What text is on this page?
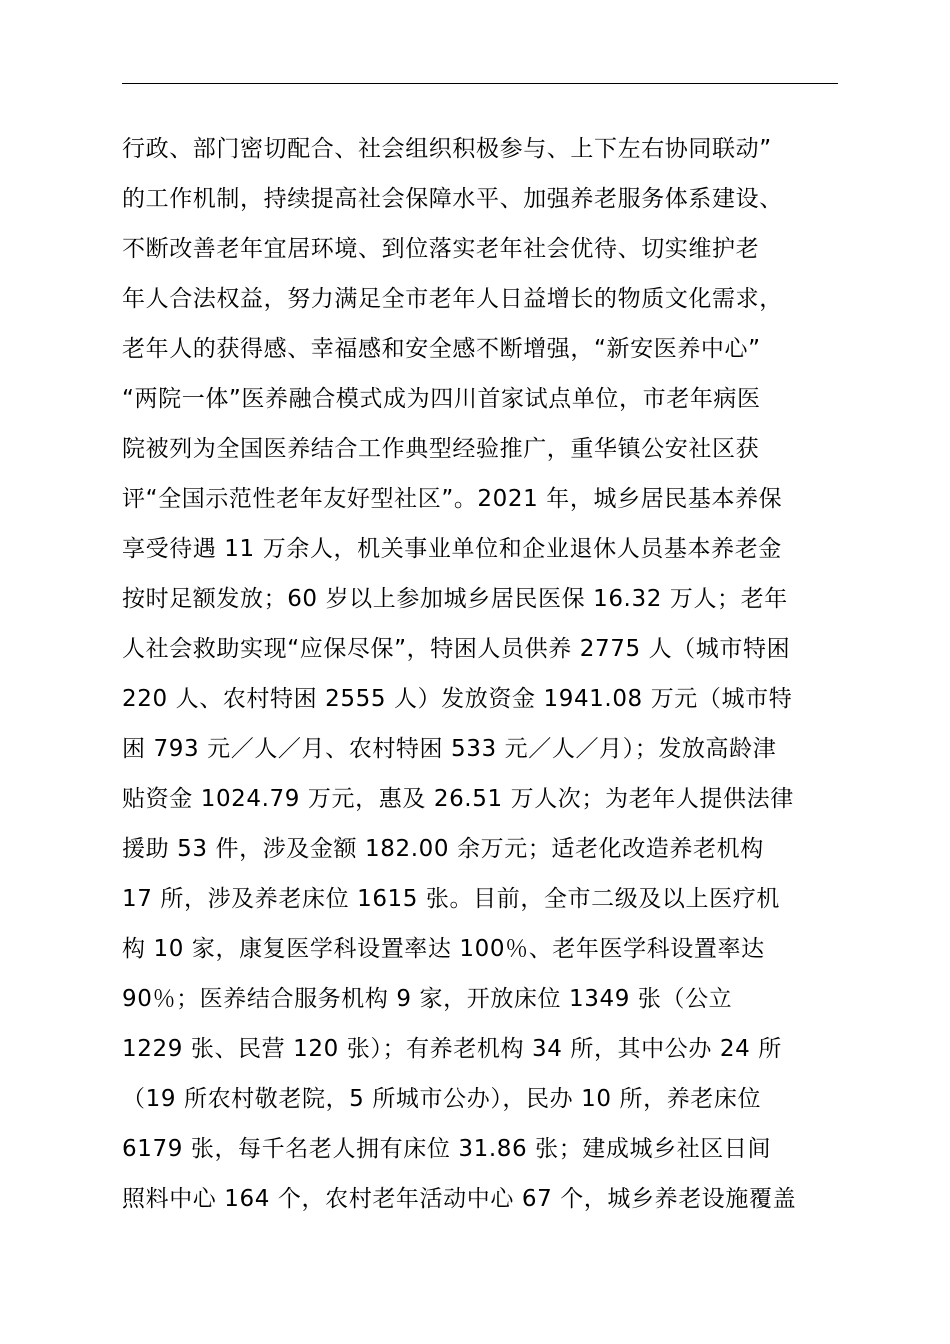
行政、部门密切配合、社会组织积极参与、上下左右协同联动”
的工作机制，持续提高社会保障水平、加强养老服务体系建设、
不断改善老年宜居环境、到位落实老年社会优待、切实维护老
年人合法权益，努力满足全市老年人日益增长的物质文化需求，
老年人的获得感、幸福感和安全感不断增强，“新安医养中心”
“两院一体”医养融合模式成为四川首家试点单位，市老年病医
院被列为全国医养结合工作典型经验推广，重华镇公安社区获
评“全国示范性老年友好型社区”。2021 年，城乡居民基本养保
享受待遇 11 万余人，机关事业单位和企业退休人员基本养老金
按时足额发放；60 岁以上参加城乡居民医保 16.32 万人；老年
人社会救助实现“应保尽保”，特困人员供养 2775 人（城市特困
220 人、农村特困 2555 人）发放资金 1941.08 万元（城市特
困 793 元／人／月、农村特困 533 元／人／月）；发放高龄津
贴资金 1024.79 万元，惠及 26.51 万人次；为老年人提供法律
援助 53 件，涉及金额 182.00 余万元；适老化改造养老机构
17 所，涉及养老床位 1615 张。目前，全市二级及以上医疗机
构 10 家，康复医学科设置率达 100％、老年医学科设置率达
90％；医养结合服务机构 9 家，开放床位 1349 张（公立
1229 张、民营 120 张）；有养老机构 34 所，其中公办 24 所
（19 所农村敬老院，5 所城市公办），民办 10 所，养老床位
6179 张，每千名老人拥有床位 31.86 张；建成城乡社区日间
照料中心 164 个，农村老年活动中心 67 个，城乡养老设施覆盖
